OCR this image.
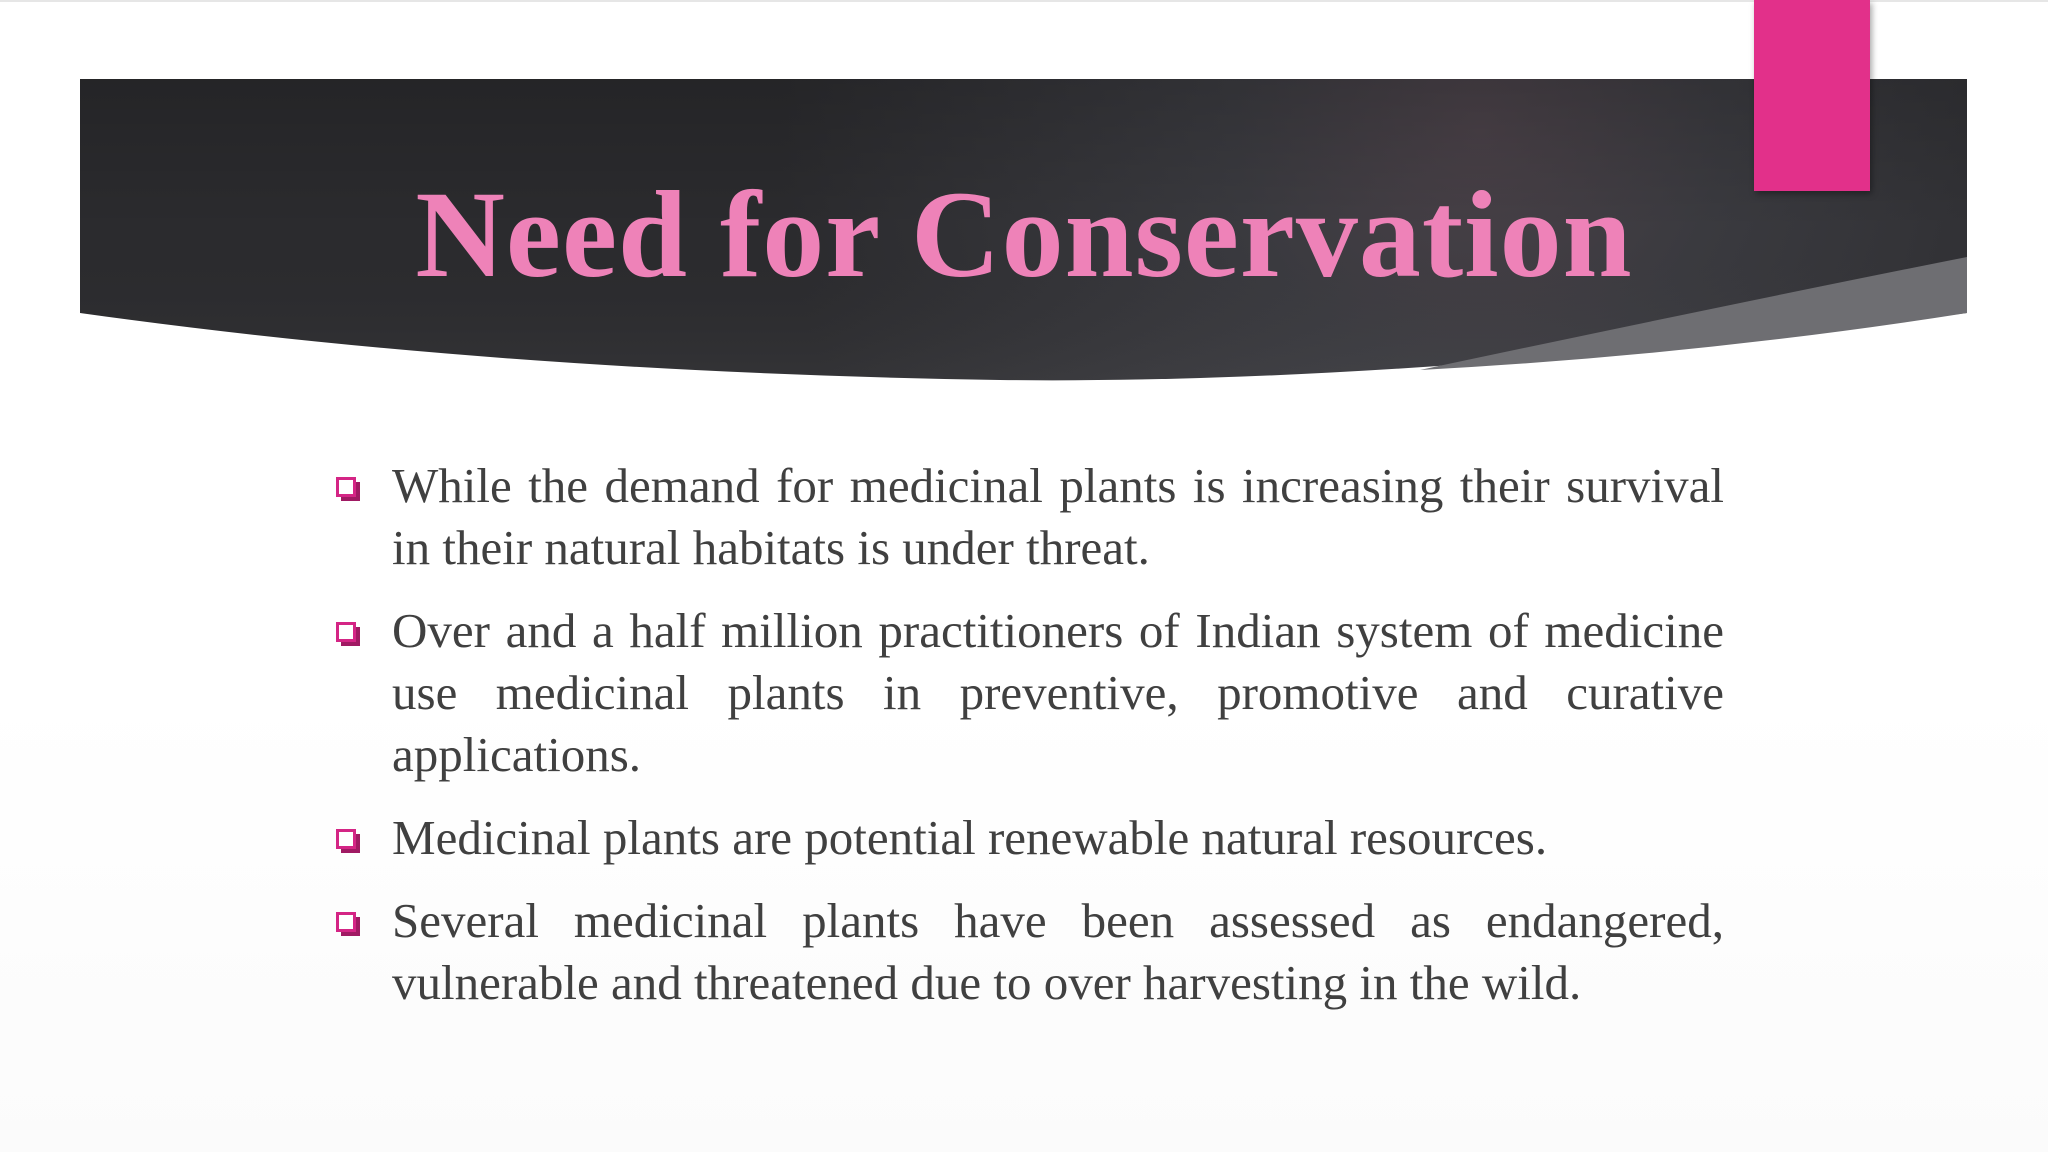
Need for Conservation
While the demand for medicinal plants is increasing their survival in their natural habitats is under threat.
Over and a half million practitioners of Indian system of medicine use medicinal plants in preventive, promotive and curative applications.
Medicinal plants are potential renewable natural resources.
Several medicinal plants have been assessed as endangered, vulnerable and threatened due to over harvesting in the wild.
